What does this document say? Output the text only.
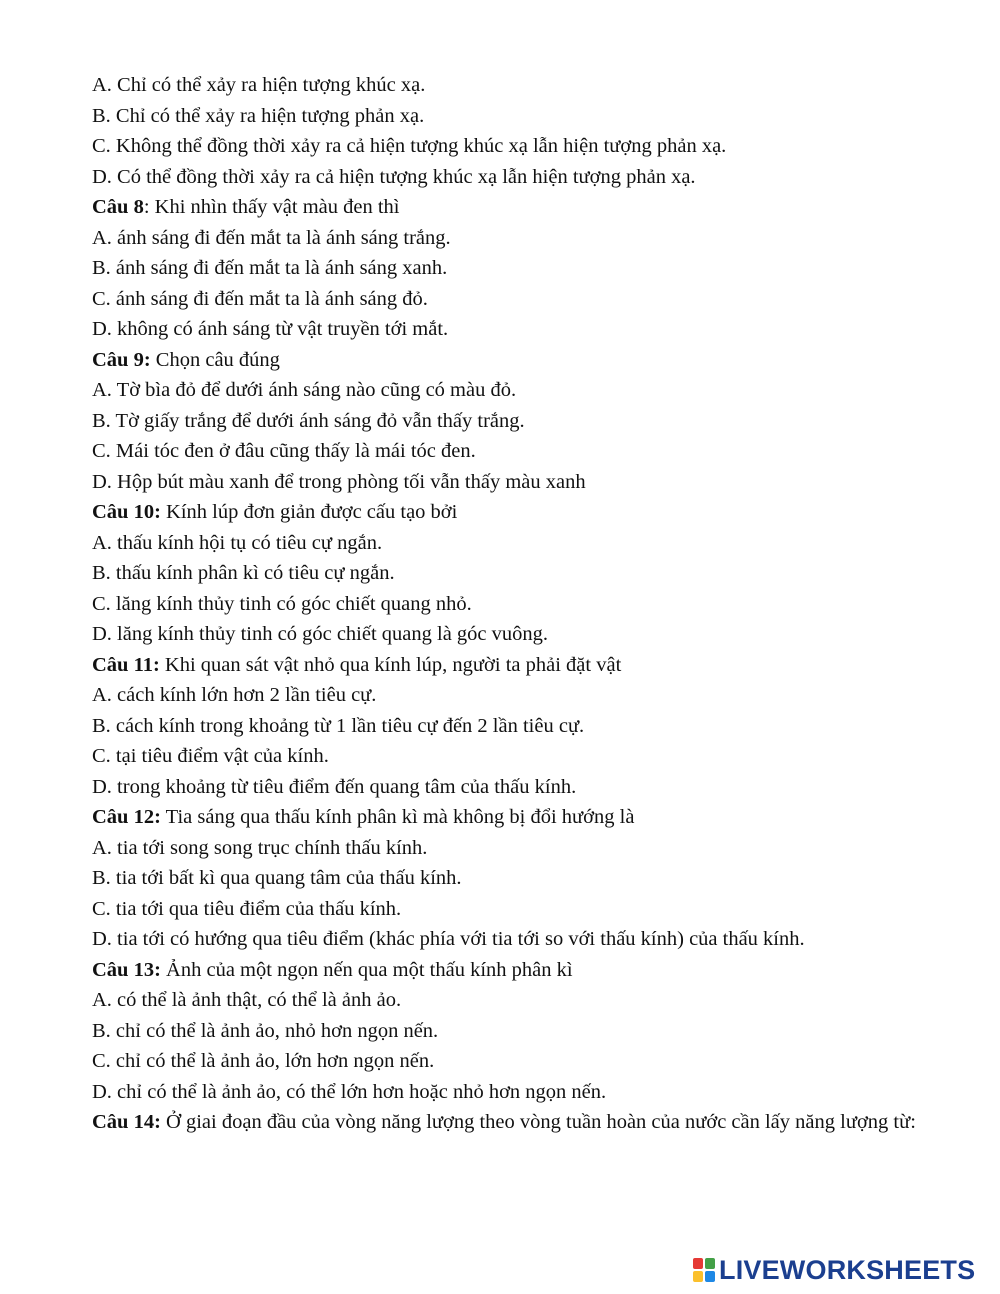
A. Chỉ có thể xảy ra hiện tượng khúc xạ.

B. Chỉ có thể xảy ra hiện tượng phản xạ.

C. Không thể đồng thời xảy ra cả hiện tượng khúc xạ lẫn hiện tượng phản xạ.

D. Có thể đồng thời xảy ra cả hiện tượng khúc xạ lẫn hiện tượng phản xạ.

Câu 8: Khi nhìn thấy vật màu đen thì

A. ánh sáng đi đến mắt ta là ánh sáng trắng.

B. ánh sáng đi đến mắt ta là ánh sáng xanh.

C. ánh sáng đi đến mắt ta là ánh sáng đỏ.

D. không có ánh sáng từ vật truyền tới mắt.

Câu 9: Chọn câu đúng

A. Tờ bìa đỏ để dưới ánh sáng nào cũng có màu đỏ.

B. Tờ giấy trắng để dưới ánh sáng đỏ vẫn thấy trắng.

C. Mái tóc đen ở đâu cũng thấy là mái tóc đen.

D. Hộp bút màu xanh để trong phòng tối vẫn thấy màu xanh

Câu 10: Kính lúp đơn giản được cấu tạo bởi

A. thấu kính hội tụ có tiêu cự ngắn.

B. thấu kính phân kì có tiêu cự ngắn.

C. lăng kính thủy tinh có góc chiết quang nhỏ.

D. lăng kính thủy tinh có góc chiết quang là góc vuông.

Câu 11: Khi quan sát vật nhỏ qua kính lúp, người ta phải đặt vật

A. cách kính lớn hơn 2 lần tiêu cự.

B. cách kính trong khoảng từ 1 lần tiêu cự đến 2 lần tiêu cự.

C. tại tiêu điểm vật của kính.

D. trong khoảng từ tiêu điểm đến quang tâm của thấu kính.

Câu 12: Tia sáng qua thấu kính phân kì mà không bị đổi hướng là

A. tia tới song song trục chính thấu kính.

B. tia tới bất kì qua quang tâm của thấu kính.

C. tia tới qua tiêu điểm của thấu kính.

D. tia tới có hướng qua tiêu điểm (khác phía với tia tới so với thấu kính) của thấu kính.

Câu 13: Ảnh của một ngọn nến qua một thấu kính phân kì

A. có thể là ảnh thật, có thể là ảnh ảo.

B. chỉ có thể là ảnh ảo, nhỏ hơn ngọn nến.

C. chỉ có thể là ảnh ảo, lớn hơn ngọn nến.

D. chỉ có thể là ảnh ảo, có thể lớn hơn hoặc nhỏ hơn ngọn nến.

Câu 14: Ở giai đoạn đầu của vòng năng lượng theo vòng tuần hoàn của nước cần lấy năng lượng từ:

LIVEWORKSHEETS
